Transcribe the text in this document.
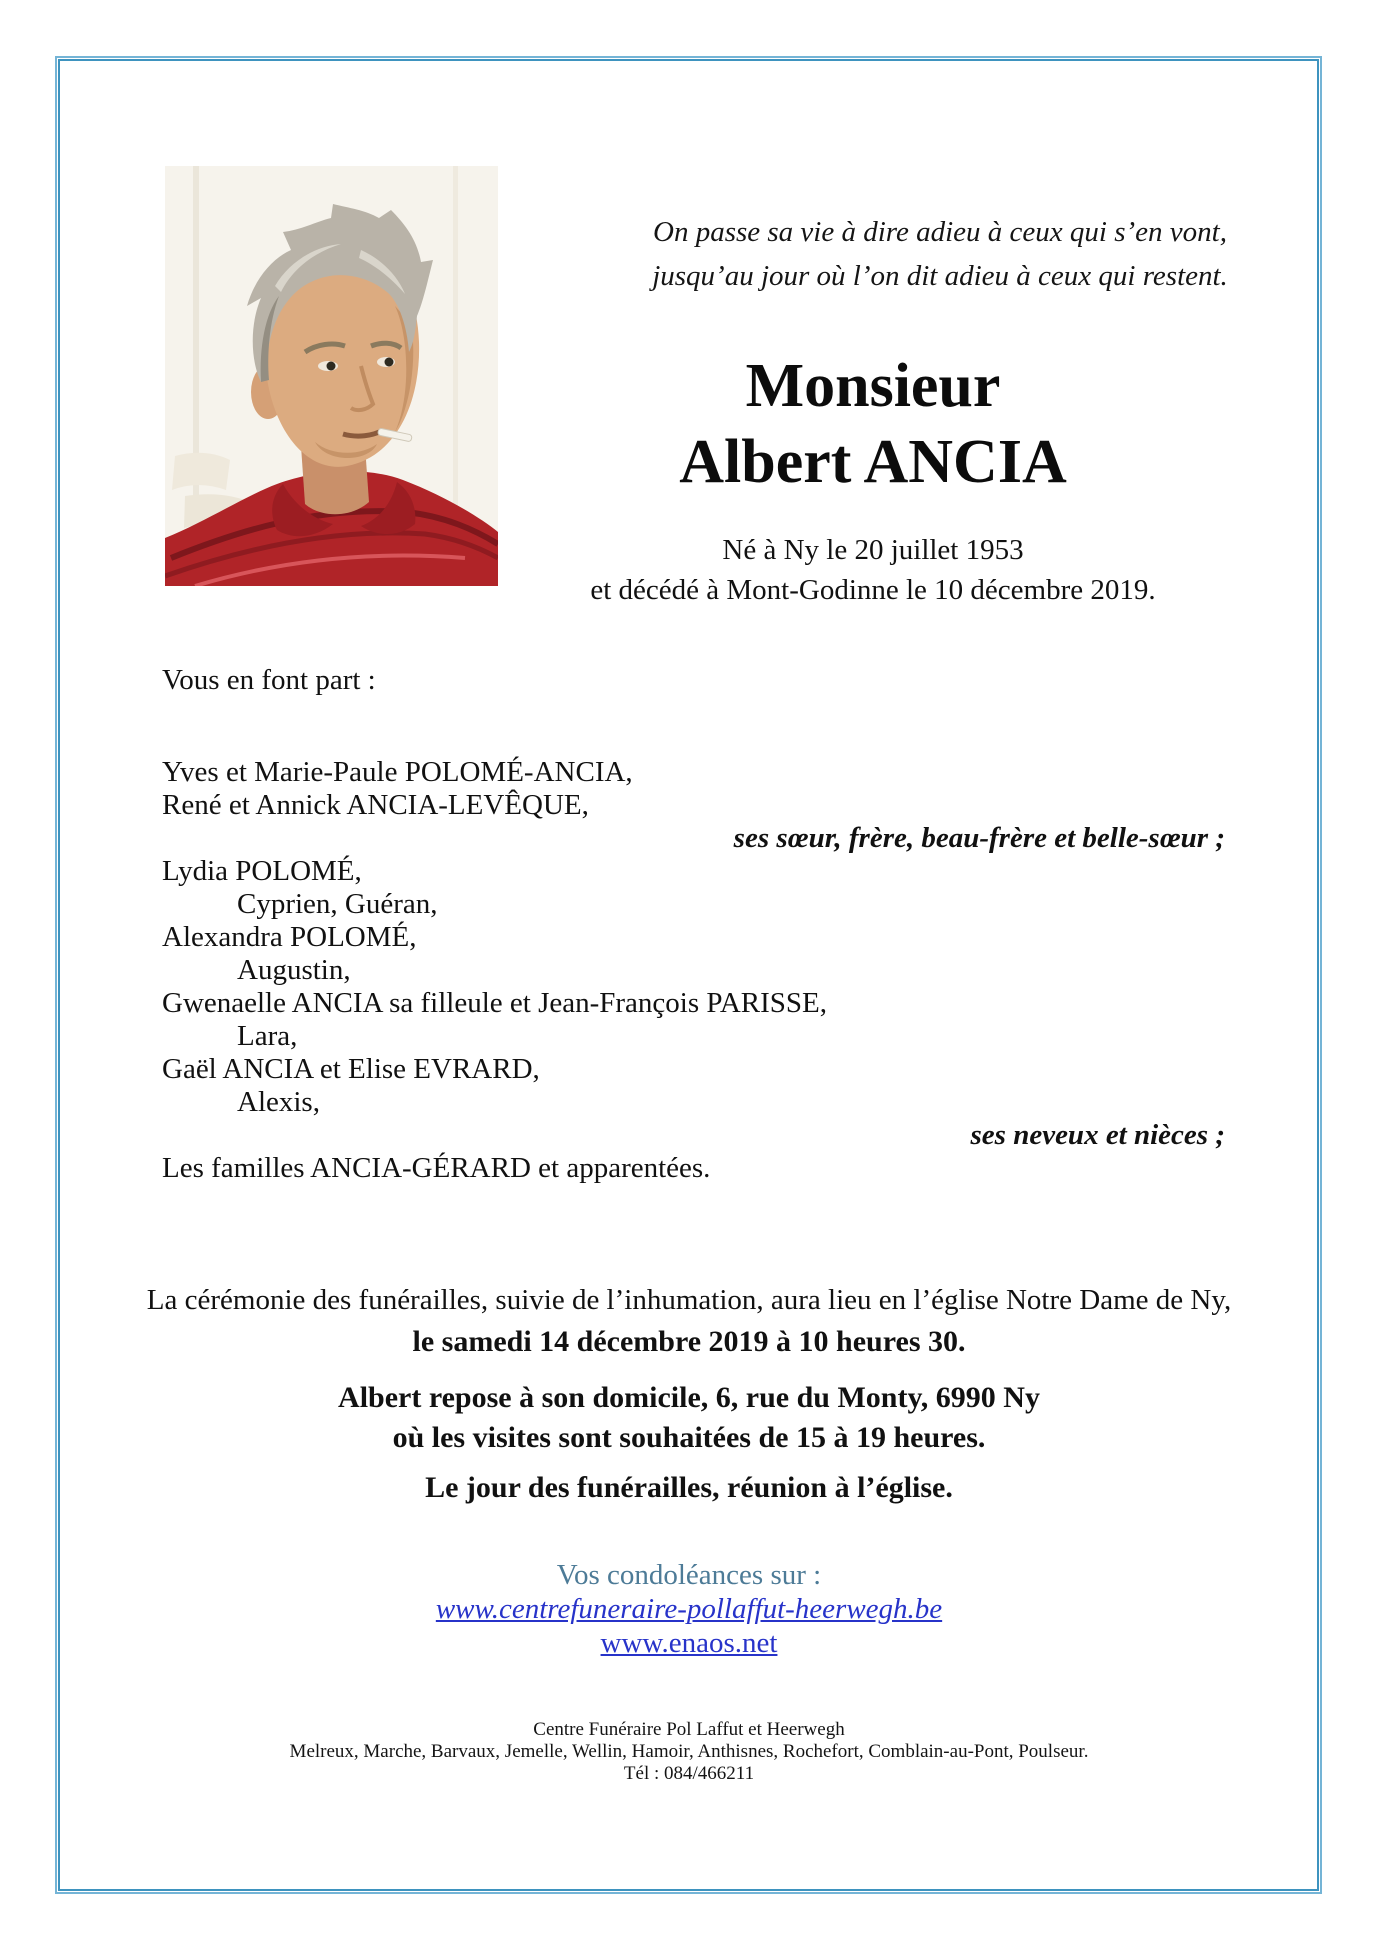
On passe sa vie à dire adieu à ceux qui s’en vont,
jusqu’au jour où l’on dit adieu à ceux qui restent.
Monsieur
Albert ANCIA
Né à Ny le 20 juillet 1953
et décédé à Mont-Godinne le 10 décembre 2019.
Vous en font part :
Yves et Marie-Paule POLOMÉ-ANCIA,
René et Annick ANCIA-LEVÊQUE,
ses sœur, frère, beau-frère et belle-sœur ;
Lydia POLOMÉ,
Cyprien, Guéran,
Alexandra POLOMÉ,
Augustin,
Gwenaelle ANCIA sa filleule et Jean-François PARISSE,
Lara,
Gaël ANCIA et Elise EVRARD,
Alexis,
ses neveux et nièces ;
Les familles ANCIA-GÉRARD et apparentées.
La cérémonie des funérailles, suivie de l’inhumation, aura lieu en l’église Notre Dame de Ny,
le samedi 14 décembre 2019 à 10 heures 30.
Albert repose à son domicile, 6, rue du Monty, 6990 Ny
où les visites sont souhaitées de 15 à 19 heures.
Le jour des funérailles, réunion à l’église.
Vos condoléances sur :
www.centrefuneraire-pollaffut-heerwegh.be
www.enaos.net
Centre Funéraire Pol Laffut et Heerwegh
Melreux, Marche, Barvaux, Jemelle, Wellin, Hamoir, Anthisnes, Rochefort, Comblain-au-Pont, Poulseur.
Tél : 084/466211
